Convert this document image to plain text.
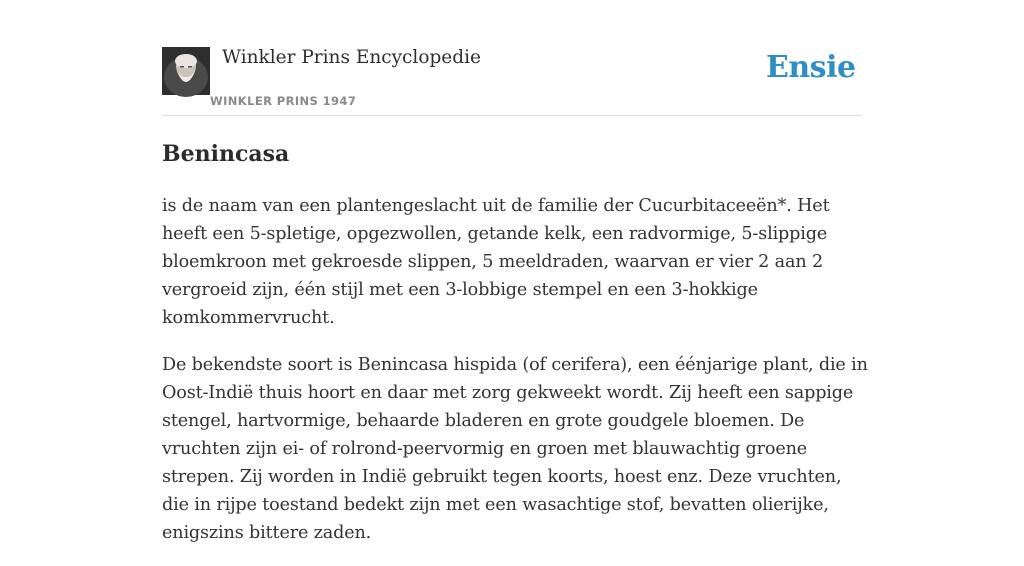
Winkler Prins Encyclopedie
WINKLER PRINS 1947
Ensie
Benincasa

is de naam van een plantengeslacht uit de familie der Cucurbitaceeën*. Het heeft een 5-spletige, opgezwollen, getande kelk, een radvormige, 5-slippige bloemkroon met gekroesde slippen, 5 meeldraden, waarvan er vier 2 aan 2 vergroeid zijn, één stijl met een 3-lobbige stempel en een 3-hokkige komkommervrucht.

De bekendste soort is Benincasa hispida (of cerifera), een éénjarige plant, die in Oost-Indië thuis hoort en daar met zorg gekweekt wordt. Zij heeft een sappige stengel, hartvormige, behaarde bladeren en grote goudgele bloemen. De vruchten zijn ei- of rolrond-peervormig en groen met blauwachtig groene strepen. Zij worden in Indië gebruikt tegen koorts, hoest enz. Deze vruchten, die in rijpe toestand bedekt zijn met een wasachtige stof, bevatten olierijke, enigszins bittere zaden.
